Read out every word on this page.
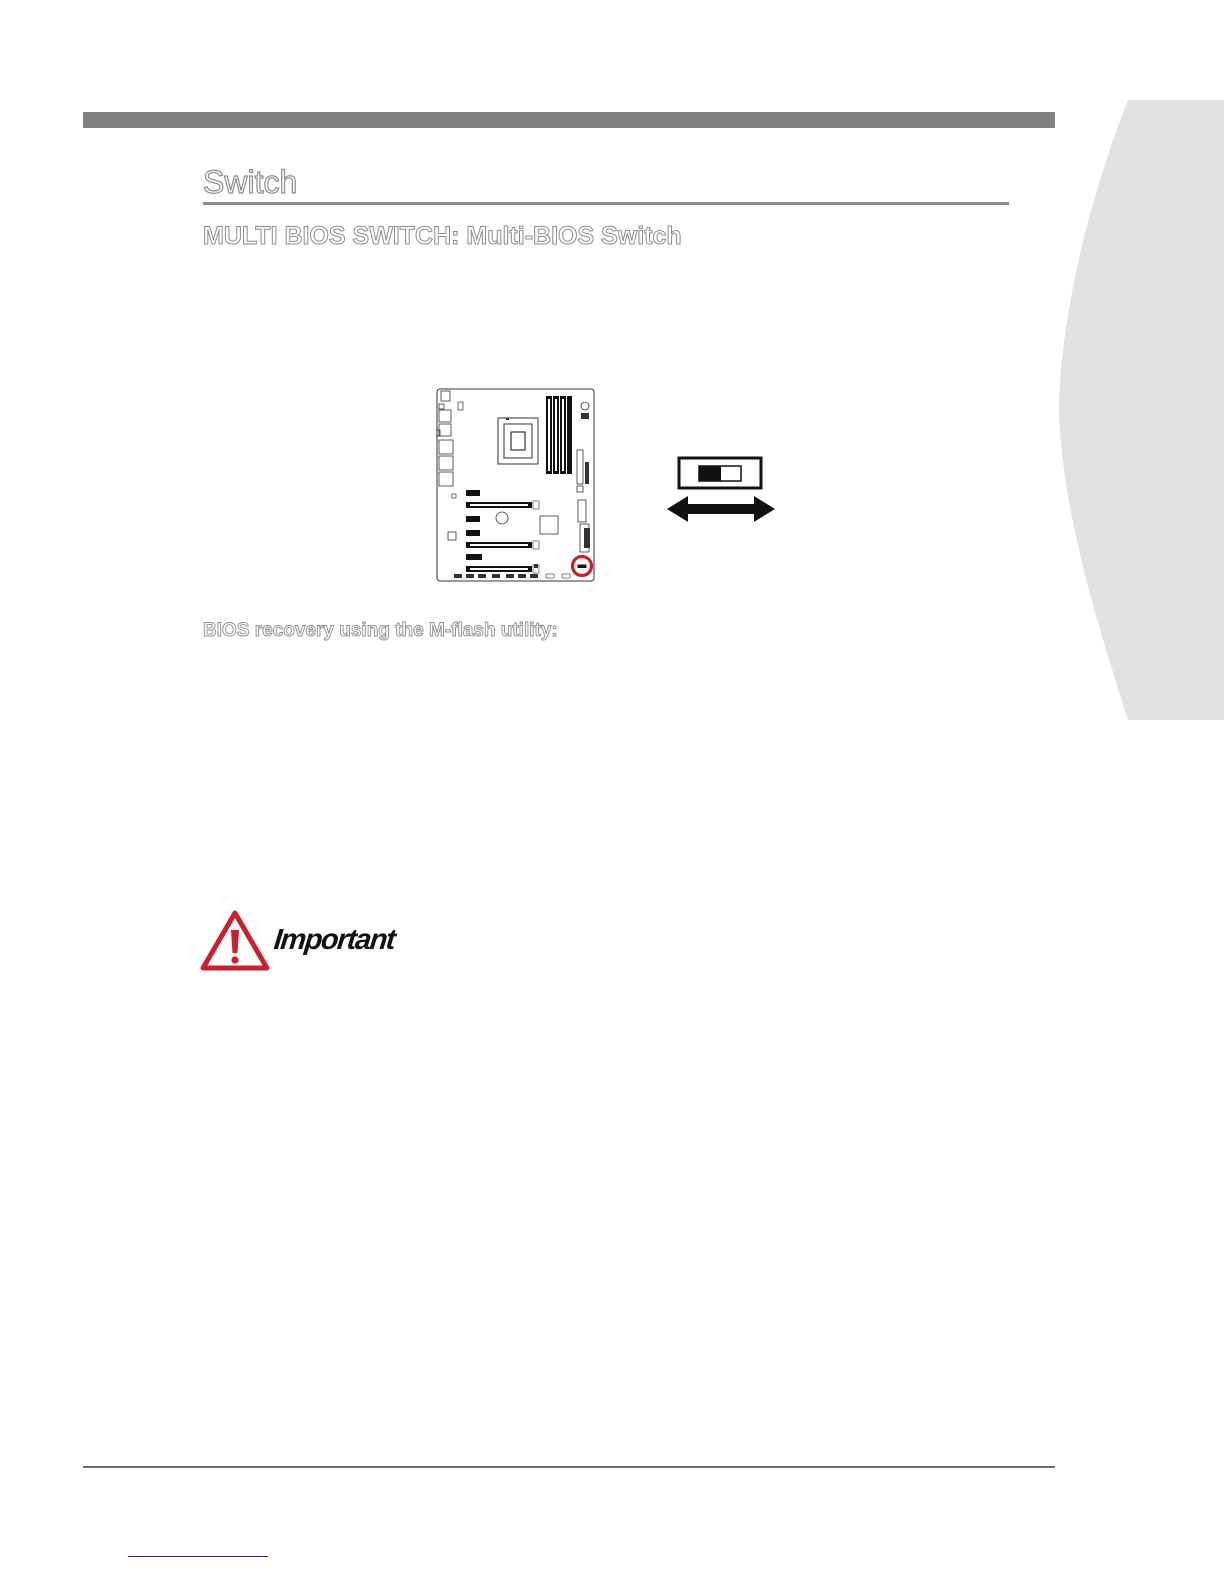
Switch
MULTI BIOS SWITCH: Multi-BIOS Switch
BIOS recovery using the M-flash utility:
Important
